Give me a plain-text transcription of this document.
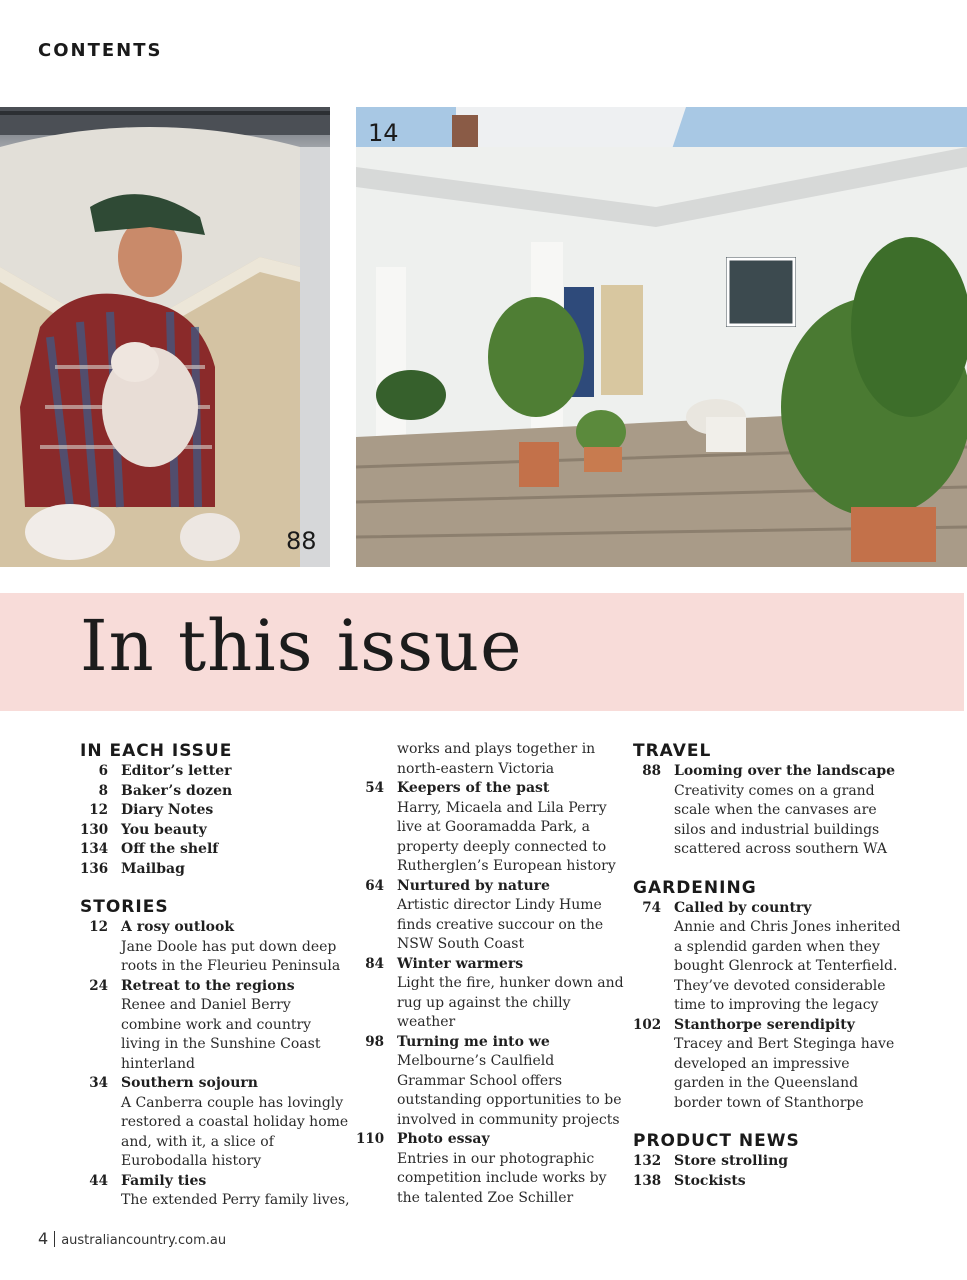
CONTENTS
88
14
In this issue
IN EACH ISSUE
6 Editor’s letter
8 Baker’s dozen
12 Diary Notes
130 You beauty
134 Off the shelf
136 Mailbag
STORIES
12 A rosy outlook
Jane Doole has put down deep roots in the Fleurieu Peninsula
24 Retreat to the regions
Renee and Daniel Berry combine work and country living in the Sunshine Coast hinterland
34 Southern sojourn
A Canberra couple has lovingly restored a coastal holiday home and, with it, a slice of Eurobodalla history
44 Family ties
The extended Perry family lives,
works and plays together in north-eastern Victoria
54 Keepers of the past
Harry, Micaela and Lila Perry live at Gooramadda Park, a property deeply connected to Rutherglen’s European history
64 Nurtured by nature
Artistic director Lindy Hume finds creative succour on the NSW South Coast
84 Winter warmers
Light the fire, hunker down and rug up against the chilly weather
98 Turning me into we
Melbourne’s Caulfield Grammar School offers outstanding opportunities to be involved in community projects
110 Photo essay
Entries in our photographic competition include works by the talented Zoe Schiller
TRAVEL
88 Looming over the landscape
Creativity comes on a grand scale when the canvases are silos and industrial buildings scattered across southern WA
GARDENING
74 Called by country
Annie and Chris Jones inherited a splendid garden when they bought Glenrock at Tenterfield. They’ve devoted considerable time to improving the legacy
102 Stanthorpe serendipity
Tracey and Bert Steginga have developed an impressive garden in the Queensland border town of Stanthorpe
PRODUCT NEWS
132 Store strolling
138 Stockists
4 australiancountry.com.au
